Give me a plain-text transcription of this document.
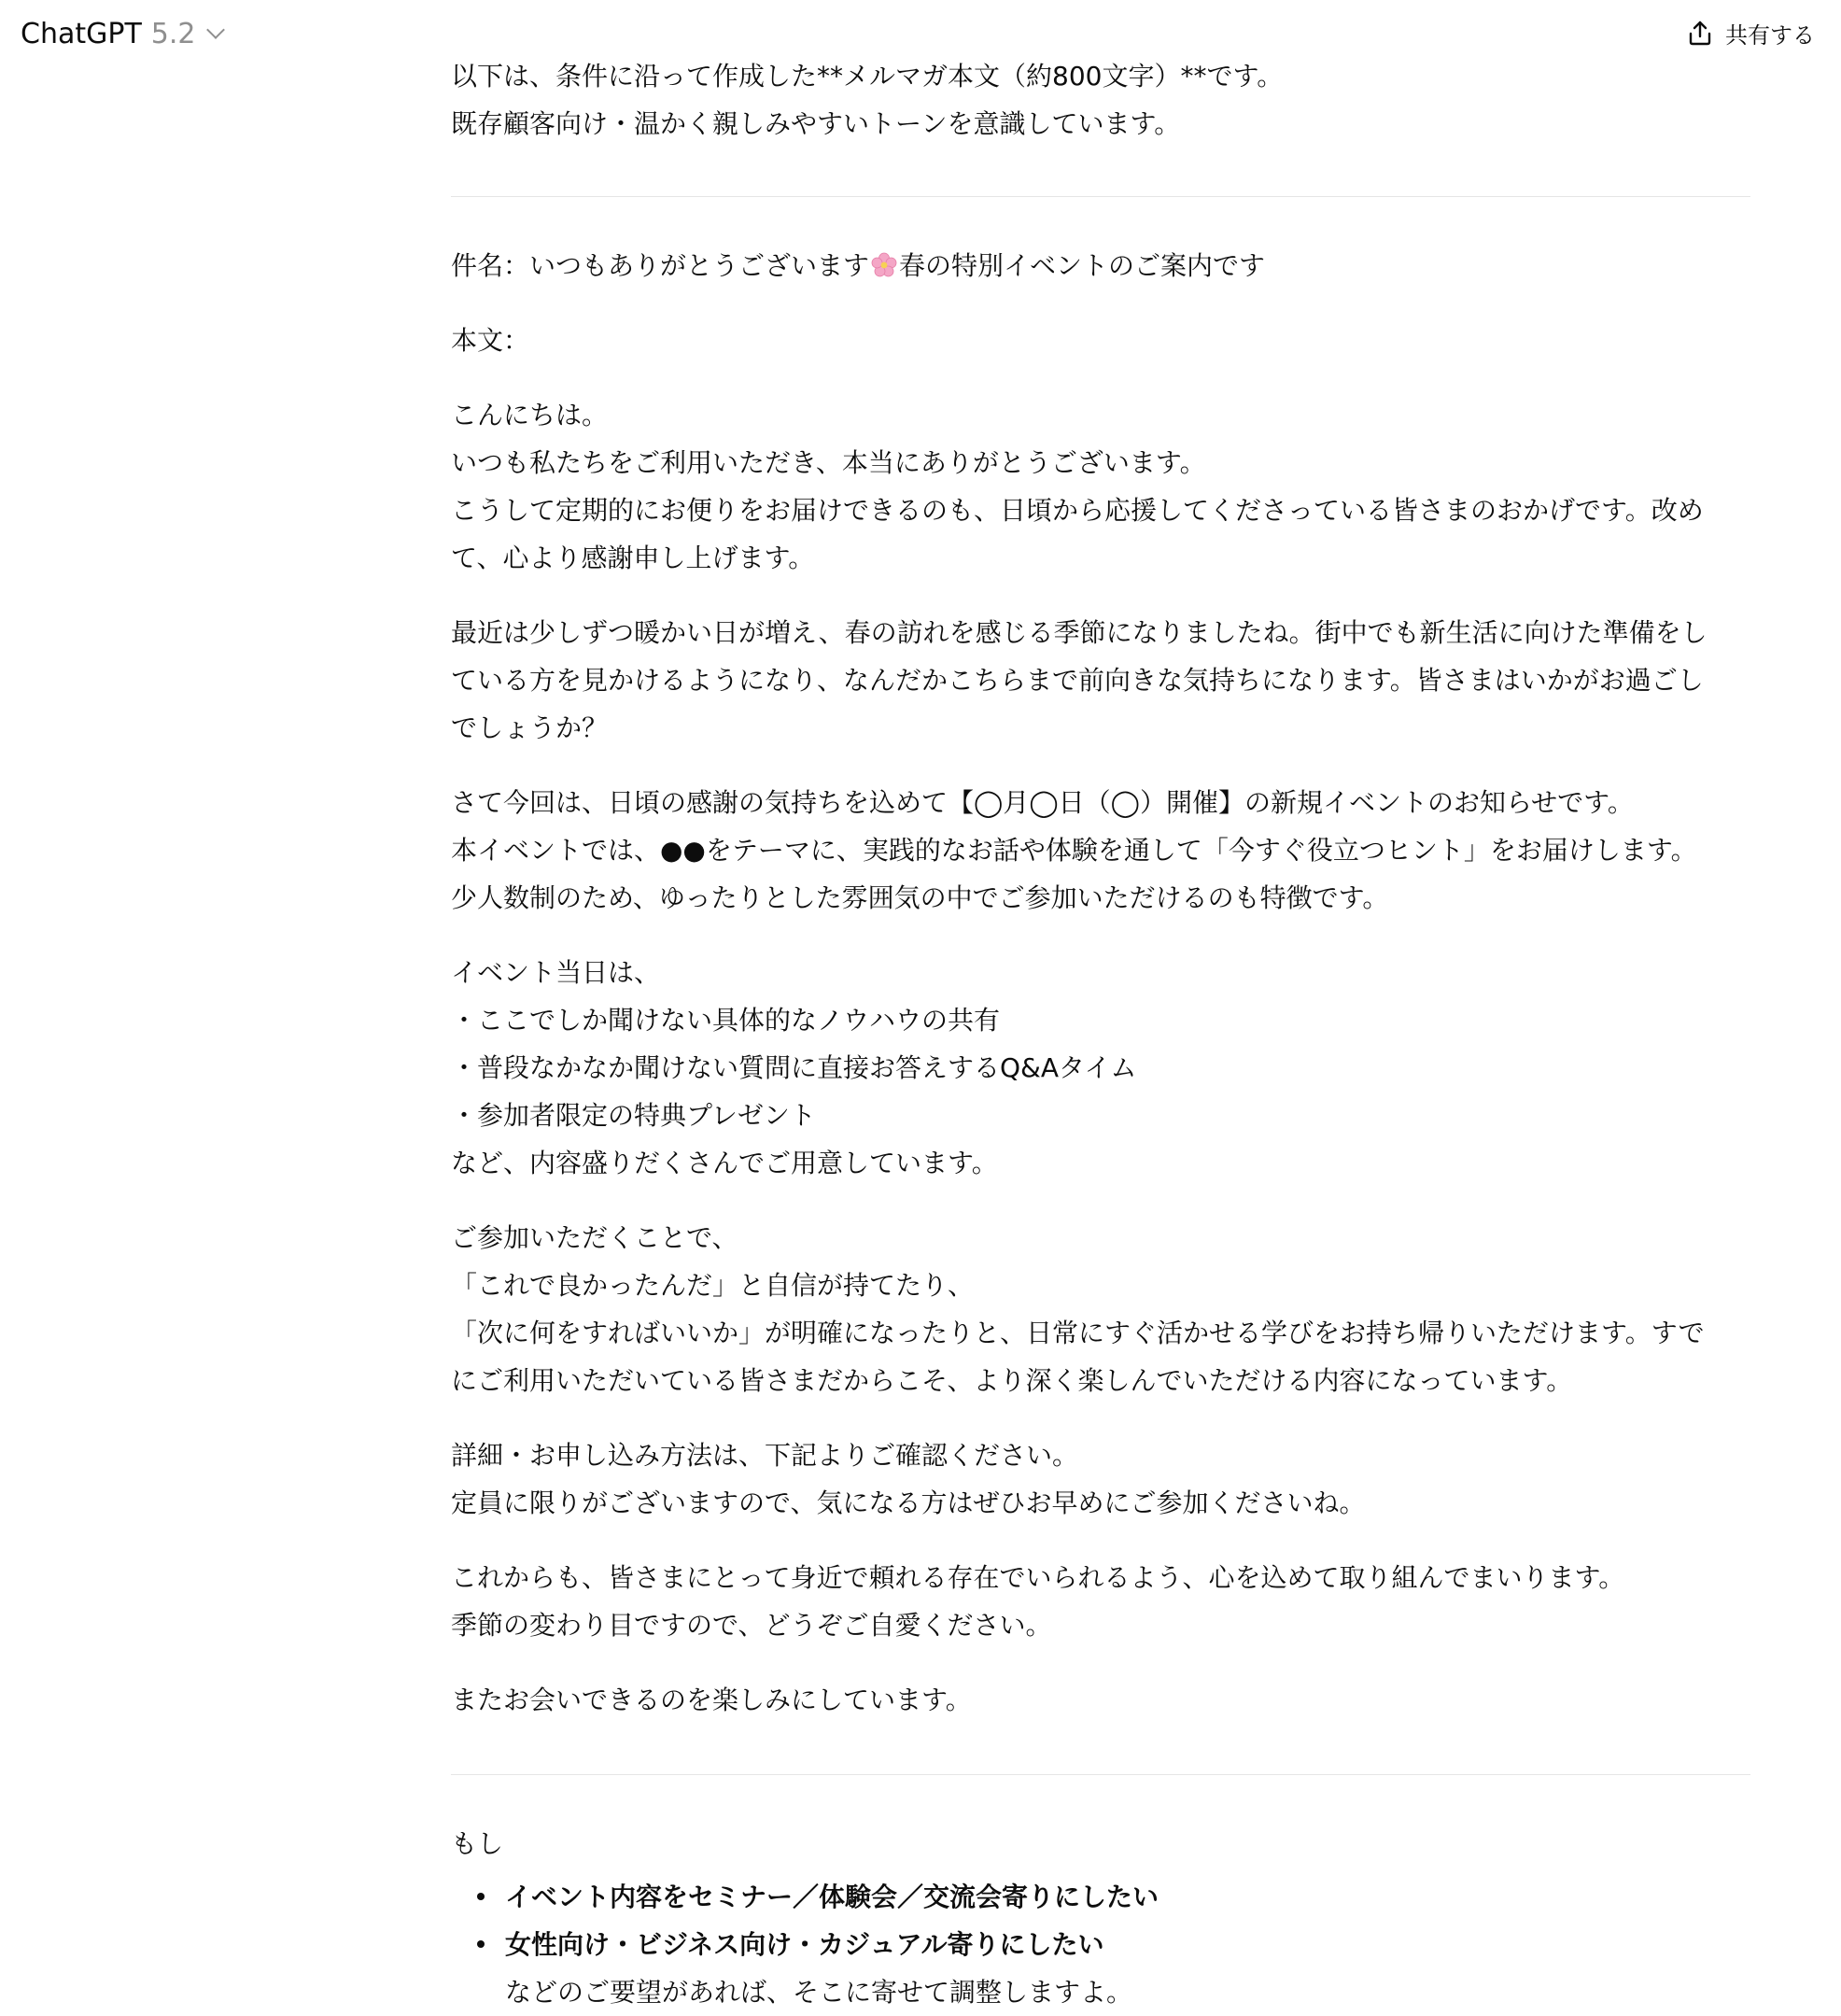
ChatGPT 5.2	共有する

以下は、条件に沿って作成した**メルマガ本文（約800文字）**です。

既存顧客向け・温かく親しみやすいトーンを意識しています。

件名：いつもありがとうございます 春の特別イベントのご案内です

本文：

こんにちは。

いつも私たちをご利用いただき、本当にありがとうございます。

こうして定期的にお便りをお届けできるのも、日頃から応援してくださっている皆さまのおかげです。改め

て、心より感謝申し上げます。

最近は少しずつ暖かい日が増え、春の訪れを感じる季節になりましたね。街中でも新生活に向けた準備をし

ている方を見かけるようになり、なんだかこちらまで前向きな気持ちになります。皆さまはいかがお過ごし

でしょうか？

さて今回は、日頃の感謝の気持ちを込めて【◯月◯日（◯）開催】の新規イベントのお知らせです。

本イベントでは、●●をテーマに、実践的なお話や体験を通して「今すぐ役立つヒント」をお届けします。

少人数制のため、ゆったりとした雰囲気の中でご参加いただけるのも特徴です。

イベント当日は、

・ここでしか聞けない具体的なノウハウの共有

・普段なかなか聞けない質問に直接お答えするQ&Aタイム

・参加者限定の特典プレゼント

など、内容盛りだくさんでご用意しています。

ご参加いただくことで、

「これで良かったんだ」と自信が持てたり、

「次に何をすればいいか」が明確になったりと、日常にすぐ活かせる学びをお持ち帰りいただけます。すで

にご利用いただいている皆さまだからこそ、より深く楽しんでいただける内容になっています。

詳細・お申し込み方法は、下記よりご確認ください。

定員に限りがございますので、気になる方はぜひお早めにご参加くださいね。

これからも、皆さまにとって身近で頼れる存在でいられるよう、心を込めて取り組んでまいります。

季節の変わり目ですので、どうぞご自愛ください。

またお会いできるのを楽しみにしています。

もし

イベント内容をセミナー／体験会／交流会寄りにしたい
女性向け・ビジネス向け・カジュアル寄りにしたい
などのご要望があれば、そこに寄せて調整しますよ。
